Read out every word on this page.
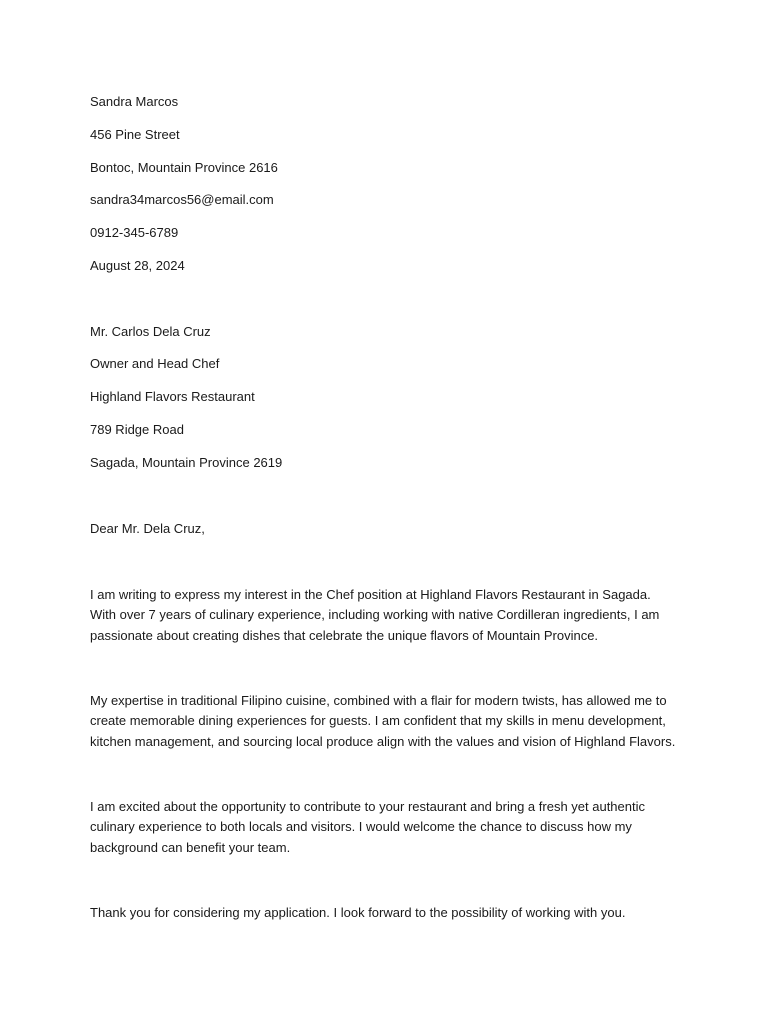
Sandra Marcos

456 Pine Street

Bontoc, Mountain Province 2616

sandra34marcos56@email.com

0912-345-6789

August 28, 2024

Mr. Carlos Dela Cruz

Owner and Head Chef

Highland Flavors Restaurant

789 Ridge Road

Sagada, Mountain Province 2619

Dear Mr. Dela Cruz,

I am writing to express my interest in the Chef position at Highland Flavors Restaurant in Sagada. With over 7 years of culinary experience, including working with native Cordilleran ingredients, I am passionate about creating dishes that celebrate the unique flavors of Mountain Province.

My expertise in traditional Filipino cuisine, combined with a flair for modern twists, has allowed me to create memorable dining experiences for guests. I am confident that my skills in menu development, kitchen management, and sourcing local produce align with the values and vision of Highland Flavors.

I am excited about the opportunity to contribute to your restaurant and bring a fresh yet authentic culinary experience to both locals and visitors. I would welcome the chance to discuss how my background can benefit your team.

Thank you for considering my application. I look forward to the possibility of working with you.
